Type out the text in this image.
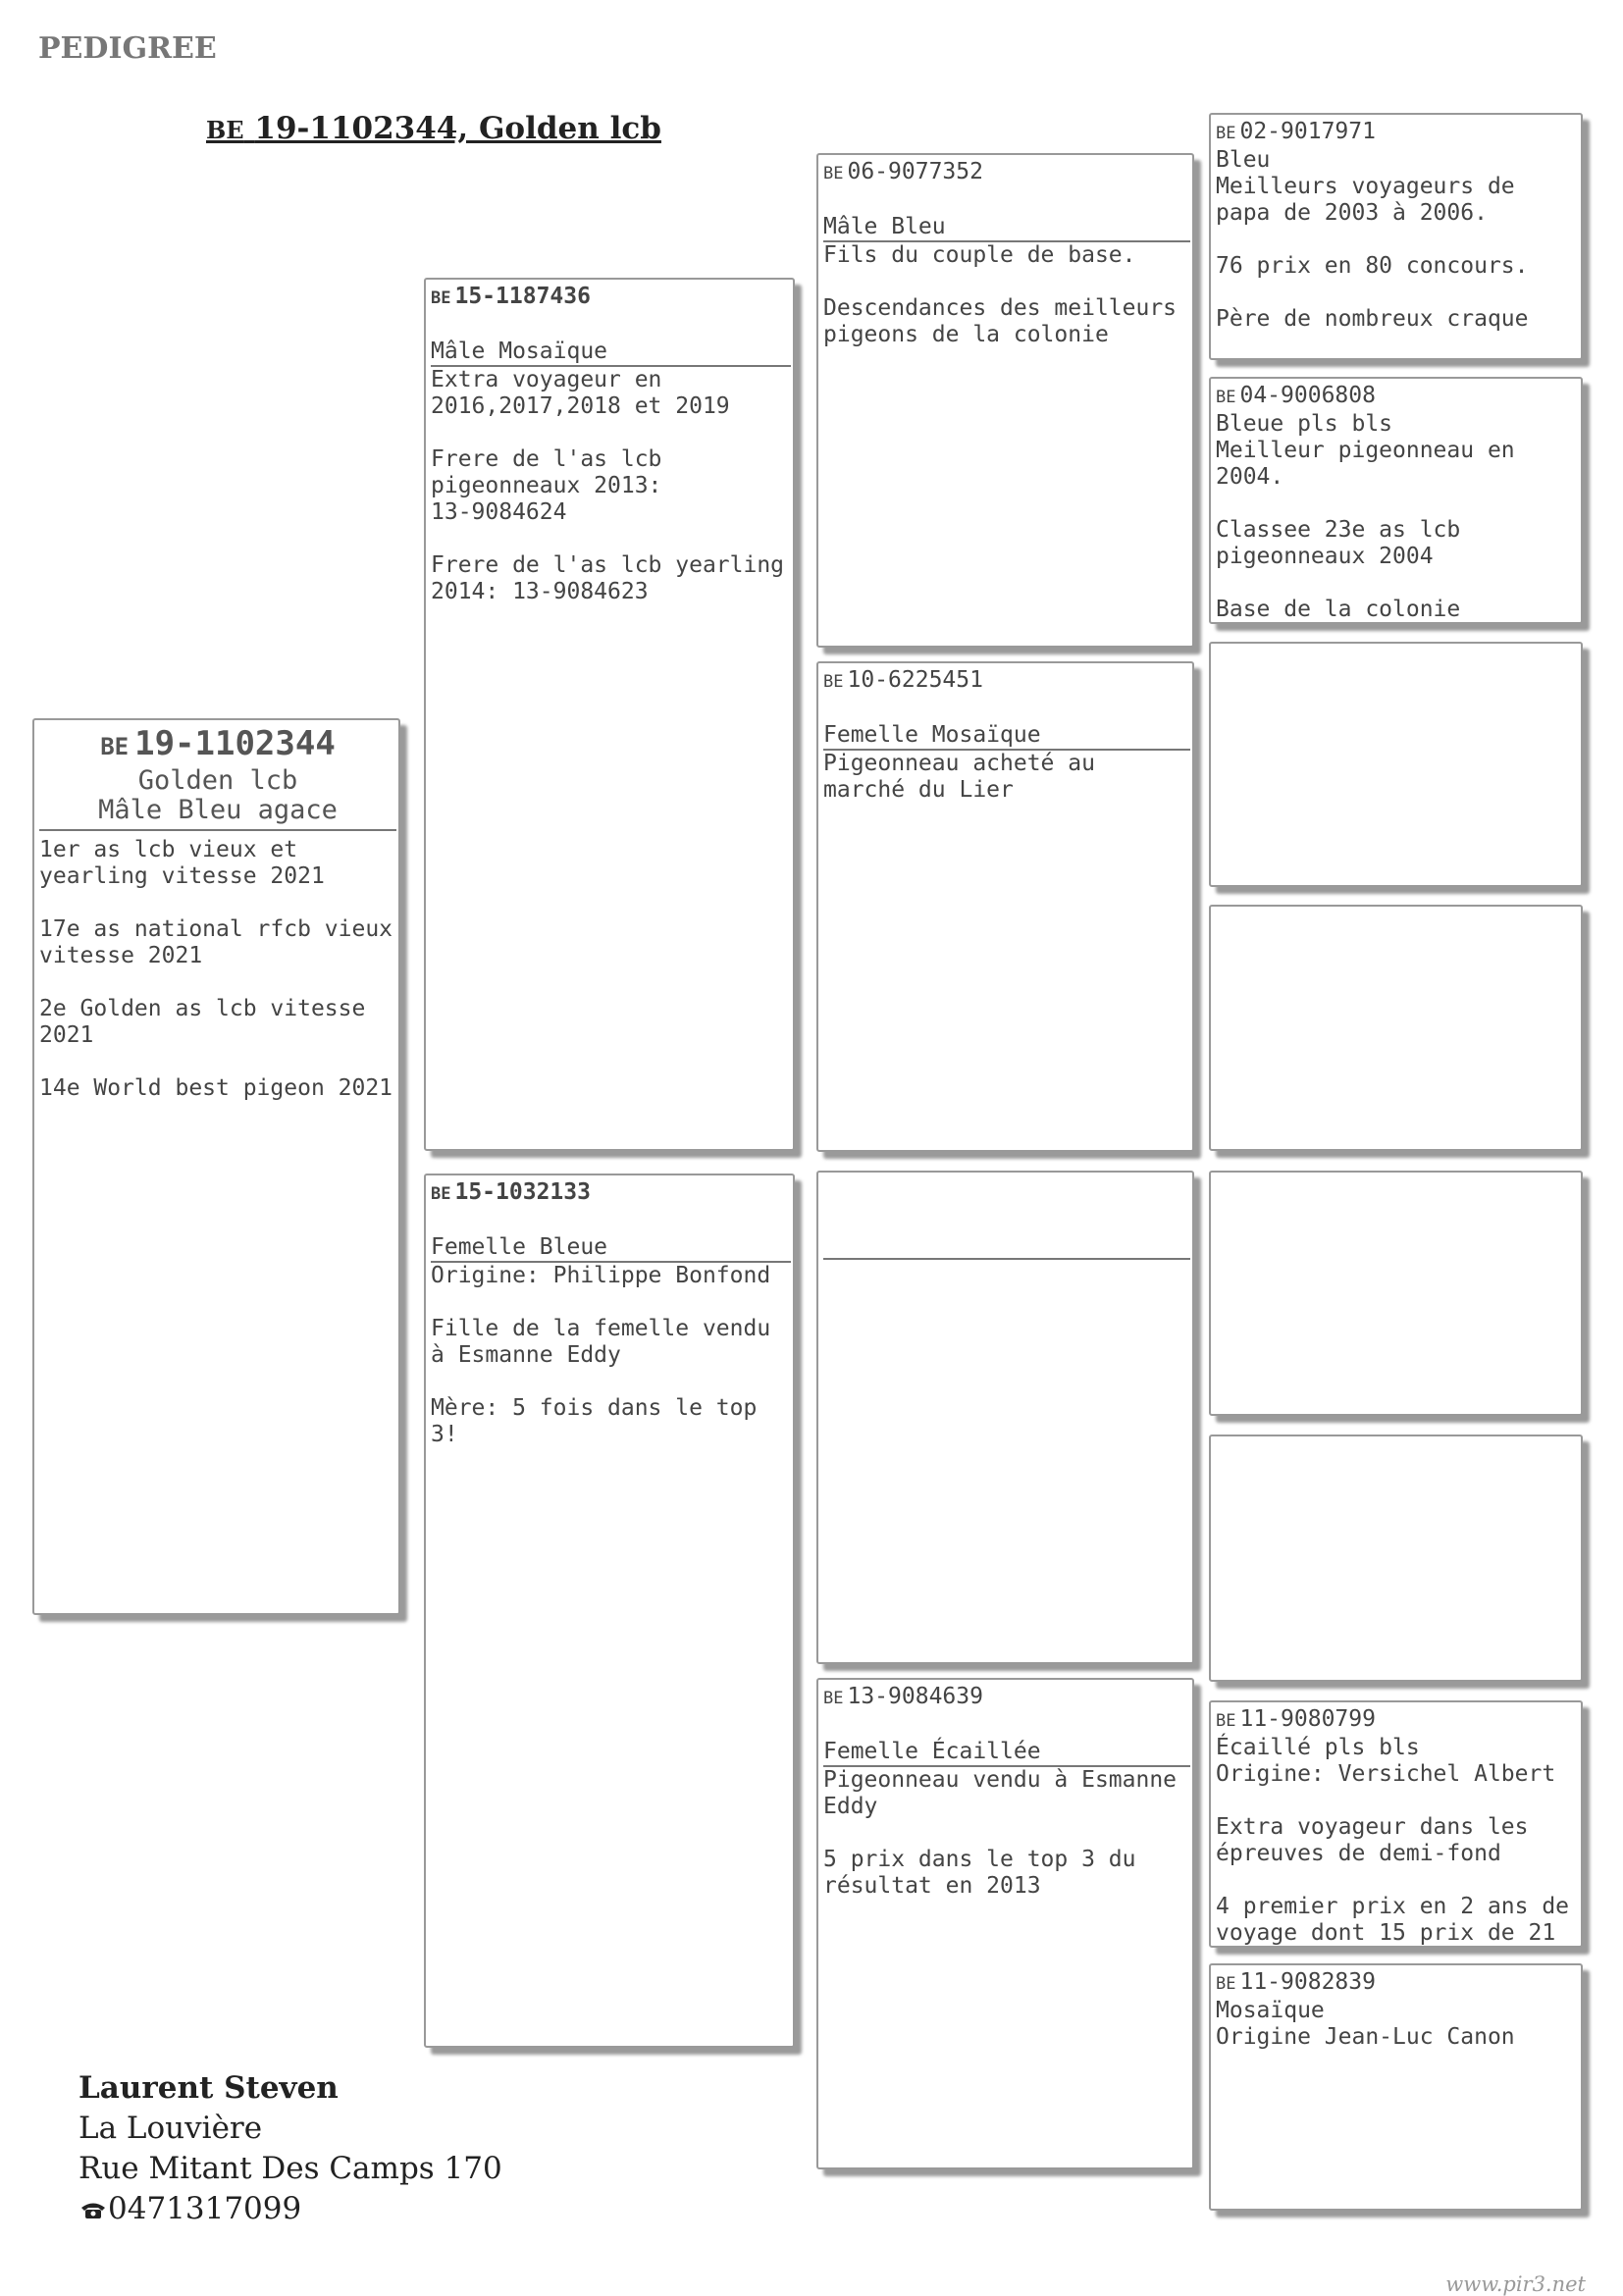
PEDIGREE
BE 19-1102344, Golden lcb
BE 19-1102344
Golden lcb
Mâle Bleu agace
1er as lcb vieux et
yearling vitesse 2021

17e as national rfcb vieux
vitesse 2021

2e Golden as lcb vitesse
2021

14e World best pigeon 2021
BE 15-1187436
Mâle Mosaïque
Extra voyageur en
2016,2017,2018 et 2019

Frere de l'as lcb
pigeonneaux 2013:
13-9084624

Frere de l'as lcb yearling
2014: 13-9084623
BE 15-1032133
Femelle Bleue
Origine: Philippe Bonfond

Fille de la femelle vendu
à Esmanne Eddy

Mère: 5 fois dans le top
3!
BE 06-9077352
Mâle Bleu
Fils du couple de base.

Descendances des meilleurs
pigeons de la colonie
BE 10-6225451
Femelle Mosaïque
Pigeonneau acheté au
marché du Lier
BE 13-9084639
Femelle Écaillée
Pigeonneau vendu à Esmanne
Eddy

5 prix dans le top 3 du
résultat en 2013
BE 02-9017971
Bleu
Meilleurs voyageurs de
papa de 2003 à 2006.

76 prix en 80 concours.

Père de nombreux craque
BE 04-9006808
Bleue pls bls
Meilleur pigeonneau en
2004.

Classee 23e as lcb
pigeonneaux 2004

Base de la colonie
BE 11-9080799
Écaillé pls bls
Origine: Versichel Albert

Extra voyageur dans les
épreuves de demi-fond

4 premier prix en 2 ans de
voyage dont 15 prix de 21
BE 11-9082839
Mosaïque
Origine Jean-Luc Canon
Laurent Steven
La Louvière
Rue Mitant Des Camps 170
0471317099
www.pir3.net
